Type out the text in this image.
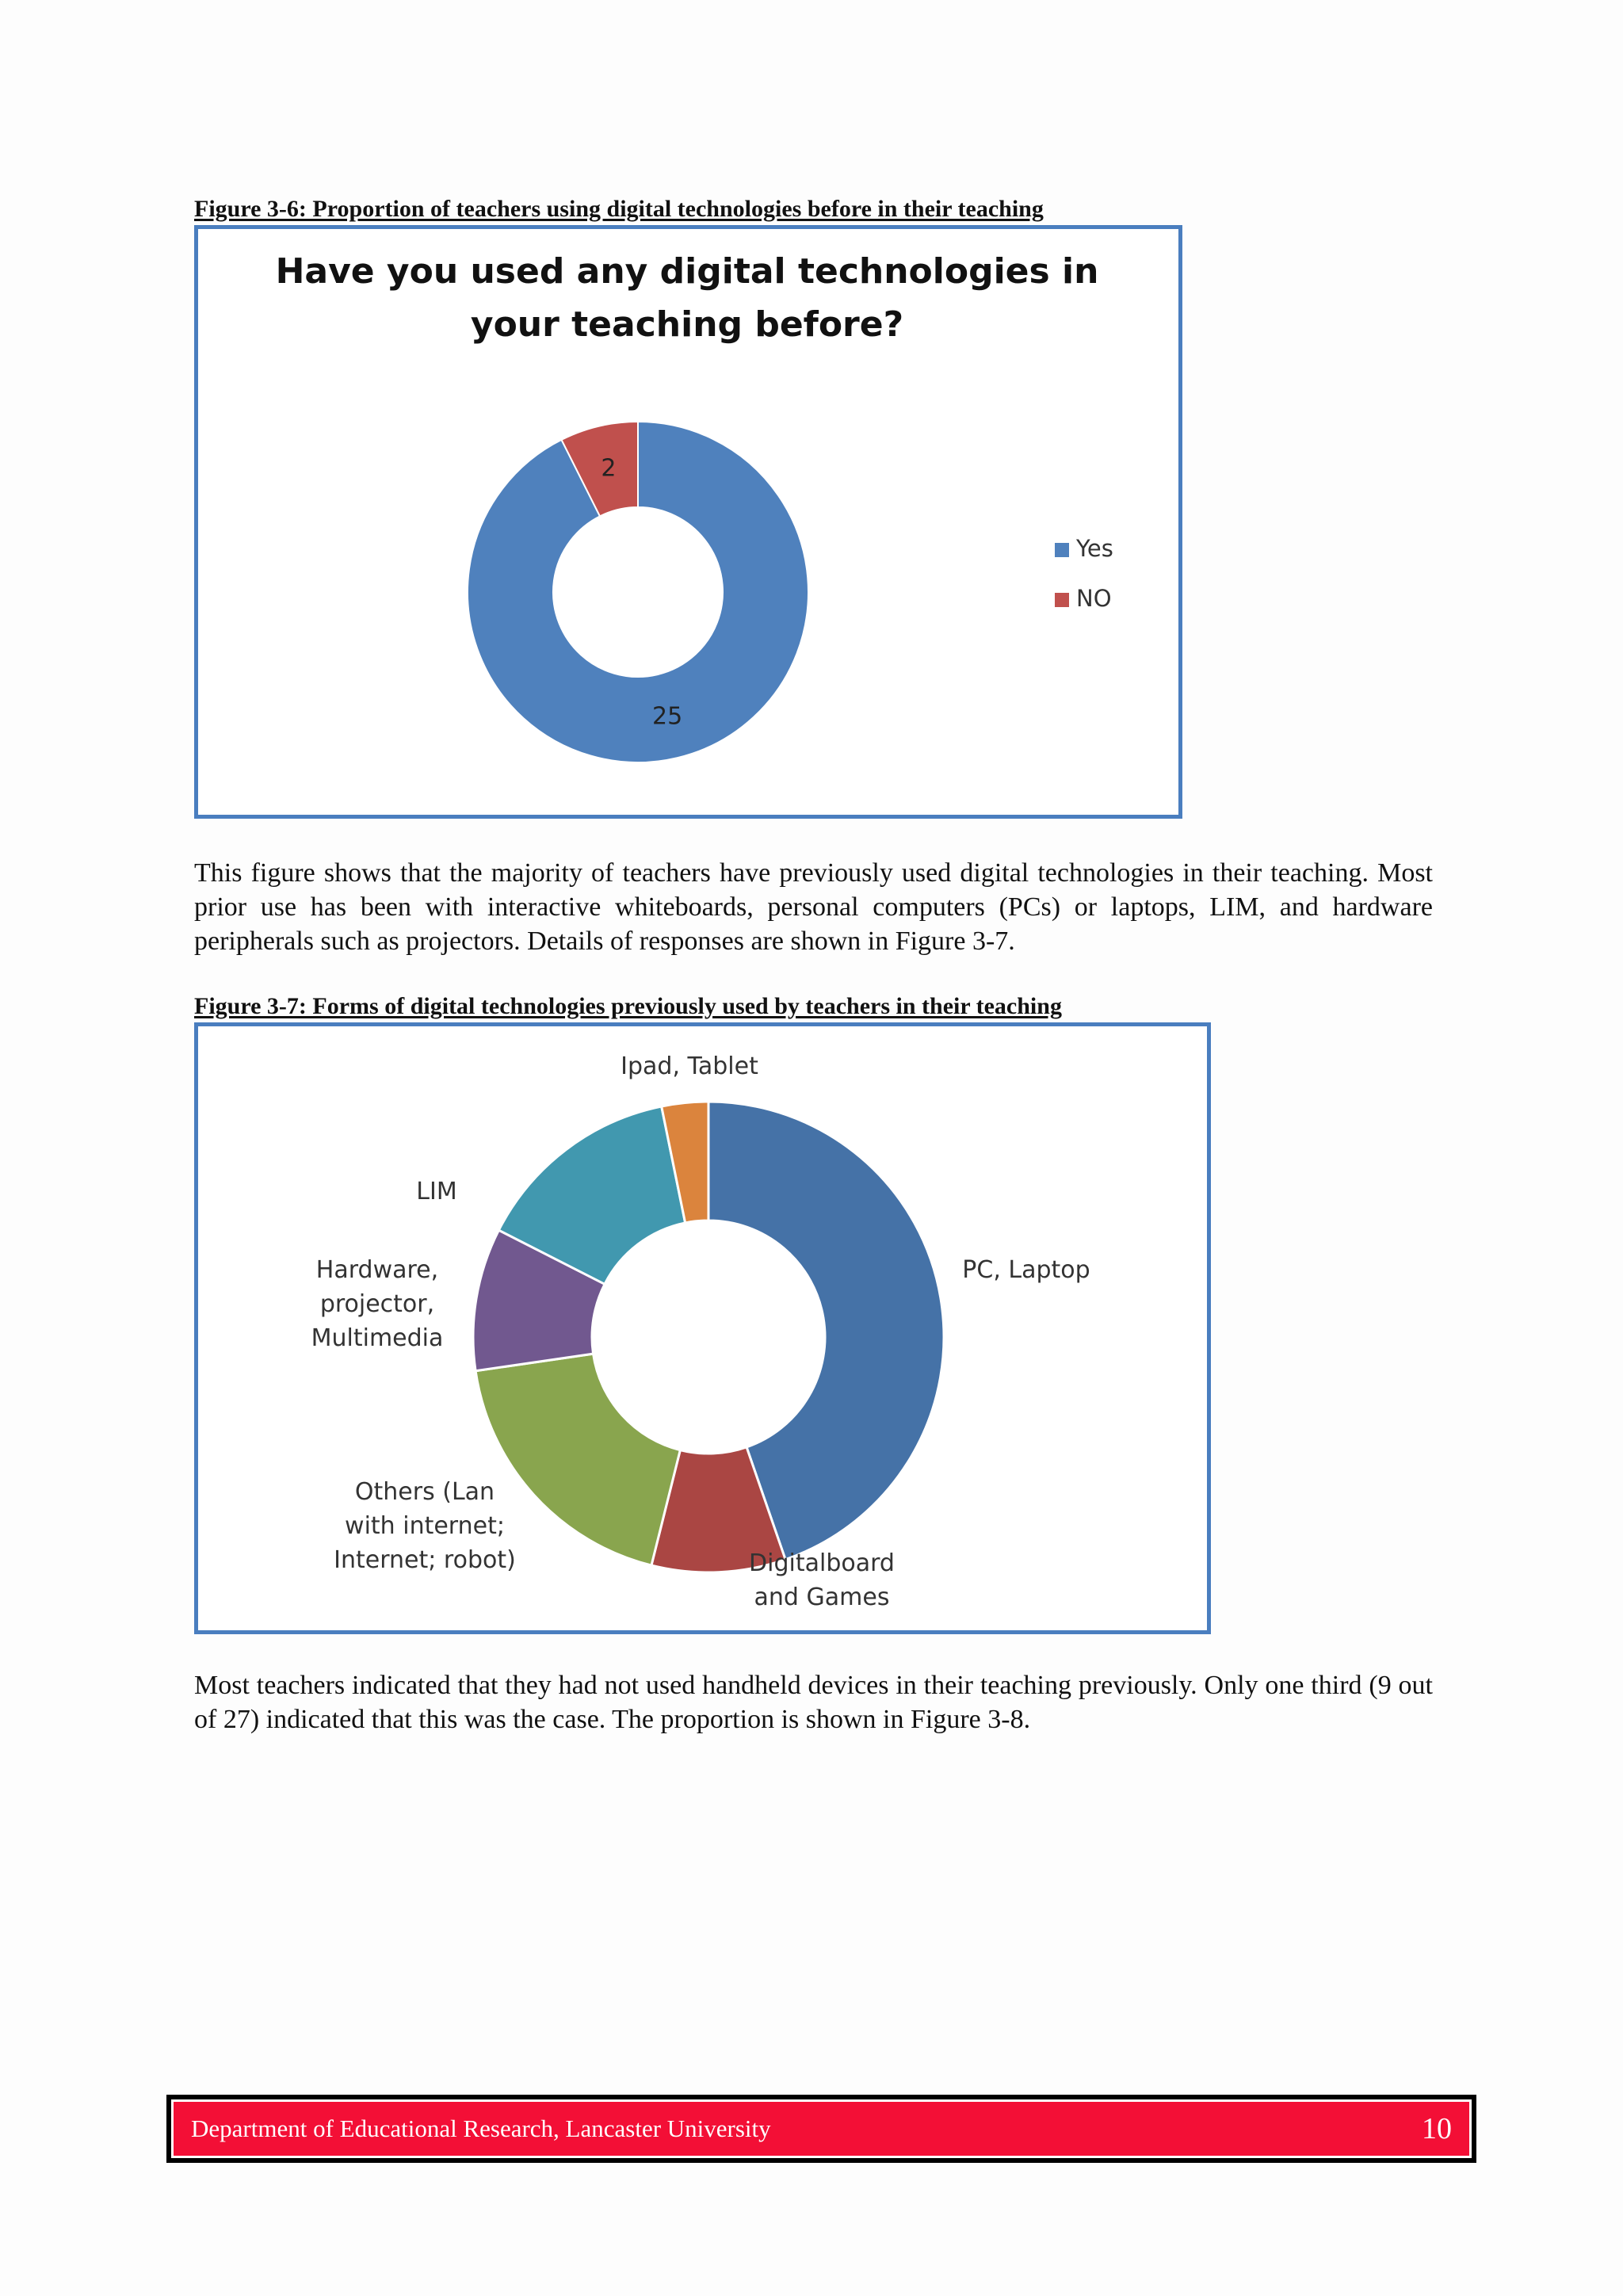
Figure 3-6: Proportion of teachers using digital technologies before in their teaching
Have you used any digital technologies in
your teaching before?
25
2
Yes
NO

This figure shows that the majority of teachers have previously used digital technologies in their teaching. Most prior use has been with interactive whiteboards, personal computers (PCs) or laptops, LIM, and hardware peripherals such as projectors. Details of responses are shown in Figure 3-7.

Figure 3-7: Forms of digital technologies previously used by teachers in their teaching
PC, Laptop
Digitalboard and Games
Others (Lan with internet; Internet; robot)
Hardware, projector, Multimedia
LIM
Ipad, Tablet

Most teachers indicated that they had not used handheld devices in their teaching previously. Only one third (9 out of 27) indicated that this was the case. The proportion is shown in Figure 3-8.

Department of Educational Research, Lancaster University	10
